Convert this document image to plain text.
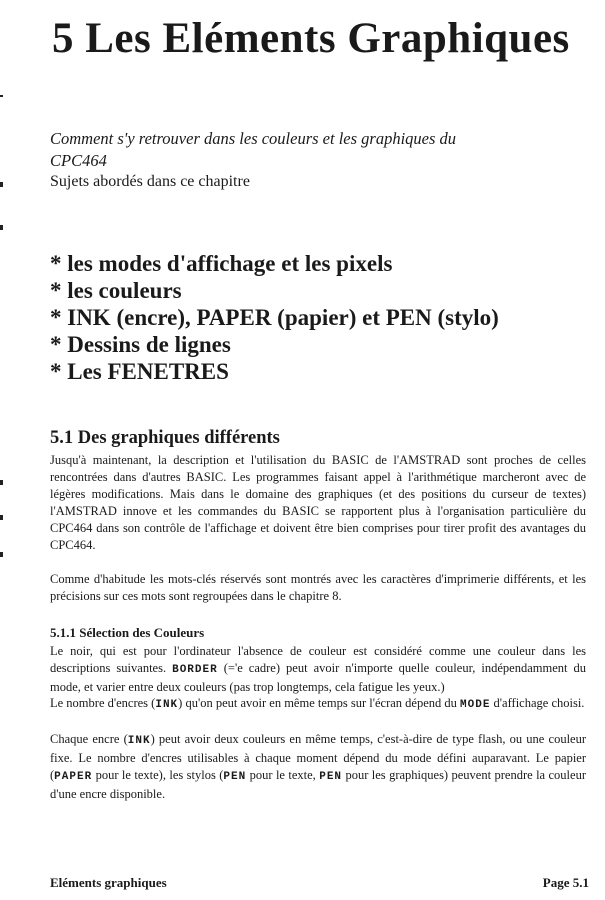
5 Les Eléments Graphiques

Comment s'y retrouver dans les couleurs et les graphiques du
CPC464

Sujets abordés dans ce chapitre

* les modes d'affichage et les pixels
* les couleurs
* INK (encre), PAPER (papier) et PEN (stylo)
* Dessins de lignes
* Les FENETRES
5.1 Des graphiques différents

Jusqu'à maintenant, la description et l'utilisation du BASIC de l'AMSTRAD sont proches de celles rencontrées dans d'autres BASIC. Les programmes faisant appel à l'arithmétique marcheront avec de légères modifications. Mais dans le domaine des graphiques (et des positions du curseur de textes) l'AMSTRAD innove et les commandes du BASIC se rapportent plus à l'organisation particulière du CPC464 dans son contrôle de l'affichage et doivent être bien comprises pour tirer profit des avantages du CPC464.

Comme d'habitude les mots-clés réservés sont montrés avec les caractères d'imprimerie différents, et les précisions sur ces mots sont regroupées dans le chapitre 8.

5.1.1 Sélection des Couleurs

Le noir, qui est pour l'ordinateur l'absence de couleur est considéré comme une couleur dans les descriptions suivantes. BORDER (='e cadre) peut avoir n'importe quelle couleur, indépendamment du mode, et varier entre deux couleurs (pas trop longtemps, cela fatigue les yeux.)

Le nombre d'encres (INK) qu'on peut avoir en même temps sur l'écran dépend du MODE d'affichage choisi.

Chaque encre (INK) peut avoir deux couleurs en même temps, c'est-à-dire de type flash, ou une couleur fixe. Le nombre d'encres utilisables à chaque moment dépend du mode défini auparavant. Le papier (PAPER pour le texte), les stylos (PEN pour le texte, PEN pour les graphiques) peuvent prendre la couleur d'une encre disponible.

Eléments graphiques	Page 5.1
